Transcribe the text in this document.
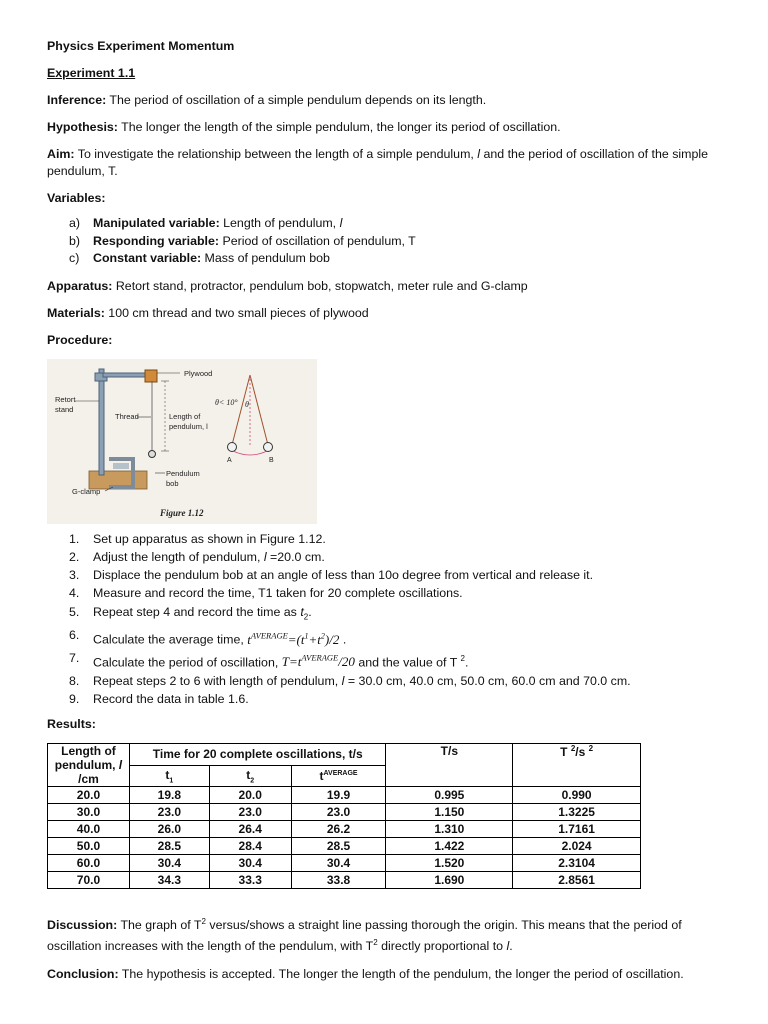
Physics Experiment Momentum

Experiment 1.1

Inference: The period of oscillation of a simple pendulum depends on its length.

Hypothesis: The longer the length of the simple pendulum, the longer its period of oscillation.

Aim: To investigate the relationship between the length of a simple pendulum, l and the period of oscillation of the simple pendulum, T.

Variables:

a)	Manipulated variable: Length of pendulum, l
b)	Responding variable: Period of oscillation of pendulum, T
c)	Constant variable: Mass of pendulum bob

Apparatus: Retort stand, protractor, pendulum bob, stopwatch, meter rule and G-clamp

Materials: 100 cm thread and two small pieces of plywood

Procedure:

Plywood
Retort
stand
Thread	Length of
pendulum, l
Pendulum
bob
G-clamp
θ< 10° θ
A	B
Figure 1.12
1.	Set up apparatus as shown in Figure 1.12.
2.	Adjust the length of pendulum, l =20.0 cm.
3.	Displace the pendulum bob at an angle of less than 10o degree from vertical and release it.
4.	Measure and record the time, T1 taken for 20 complete oscillations.
5.	Repeat step 4 and record the time as $t_2$.
6.	Calculate the average time, $t^{AVERAGE}=(t^1+t^2)/2$ .
7.	Calculate the period of oscillation, $T=t^{AVERAGE}/20$ and the value of T $^2$.
8.	Repeat steps 2 to 6 with length of pendulum, l = 30.0 cm, 40.0 cm, 50.0 cm, 60.0 cm and 70.0 cm.
9.	Record the data in table 1.6.

Results:

Length of
pendulum, l /cm	Time for 20 complete oscillations, t/s			T/s	T $^2$/s $^2$
	$t_1$	$t_2$	$t^{AVERAGE}$
20.0	19.8	20.0	19.9	0.995	0.990
30.0	23.0	23.0	23.0	1.150	1.3225
40.0	26.0	26.4	26.2	1.310	1.7161
50.0	28.5	28.4	28.5	1.422	2.024
60.0	30.4	30.4	30.4	1.520	2.3104
70.0	34.3	33.3	33.8	1.690	2.8561

Discussion: The graph of $T^2$ versus/shows a straight line passing thorough the origin. This means that the period of oscillation increases with the length of the pendulum, with $T^2$ directly proportional to l.

Conclusion: The hypothesis is accepted. The longer the length of the pendulum, the longer the period of oscillation.
